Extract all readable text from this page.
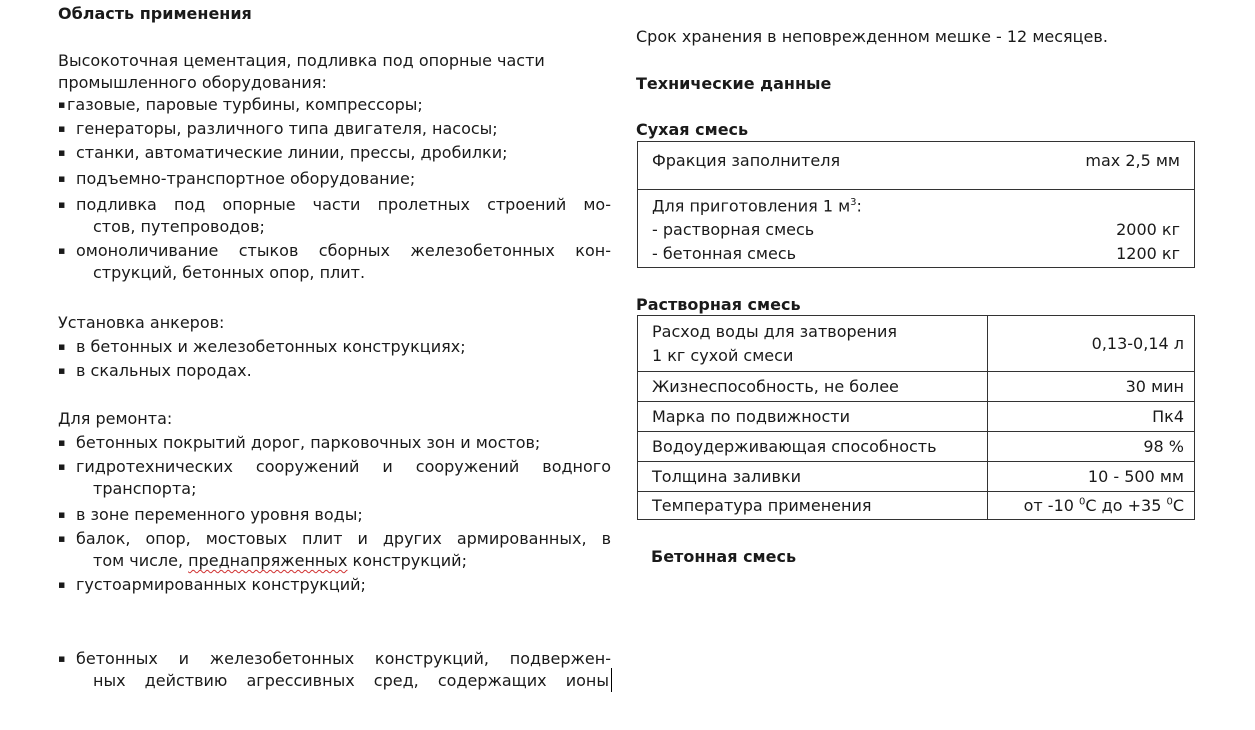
Область применения
Высокоточная цементация, подливка под опорные части
промышленного оборудования:
▪ газовые, паровые турбины, компрессоры;
▪ генераторы, различного типа двигателя, насосы;
▪ станки, автоматические линии, прессы, дробилки;
▪ подъемно-транспортное оборудование;
▪ подливка под опорные части пролетных строений мо-
стов, путепроводов;
▪ омоноличивание стыков сборных железобетонных кон-
струкций, бетонных опор, плит.
Установка анкеров:
▪ в бетонных и железобетонных конструкциях;
▪ в скальных породах.
Для ремонта:
▪ бетонных покрытий дорог, парковочных зон и мостов;
▪ гидротехнических сооружений и сооружений водного
транспорта;
▪ в зоне переменного уровня воды;
▪ балок, опор, мостовых плит и других армированных, в
том числе, преднапряженных конструкций;
▪ густоармированных конструкций;
▪ бетонных и железобетонных конструкций, подвержен-
ных действию агрессивных сред, содержащих ионы
Срок хранения в неповрежденном мешке - 12 месяцев.
Технические данные
Сухая смесь
Фракция заполнителя	max 2,5 мм

Для приготовления 1 $м^3$:
- растворная смесь	2000 кг
- бетонная смесь	1200 кг
Растворная смесь
Расход воды для затворения
1 кг сухой смеси	0,13-0,14 л
Жизнеспособность, не более	30 мин
Марка по подвижности	Пк4
Водоудерживающая способность	98 %
Толщина заливки	10 - 500 мм
Температура применения	от -10 $^0$С до +35 $^0$С
Бетонная смесь
